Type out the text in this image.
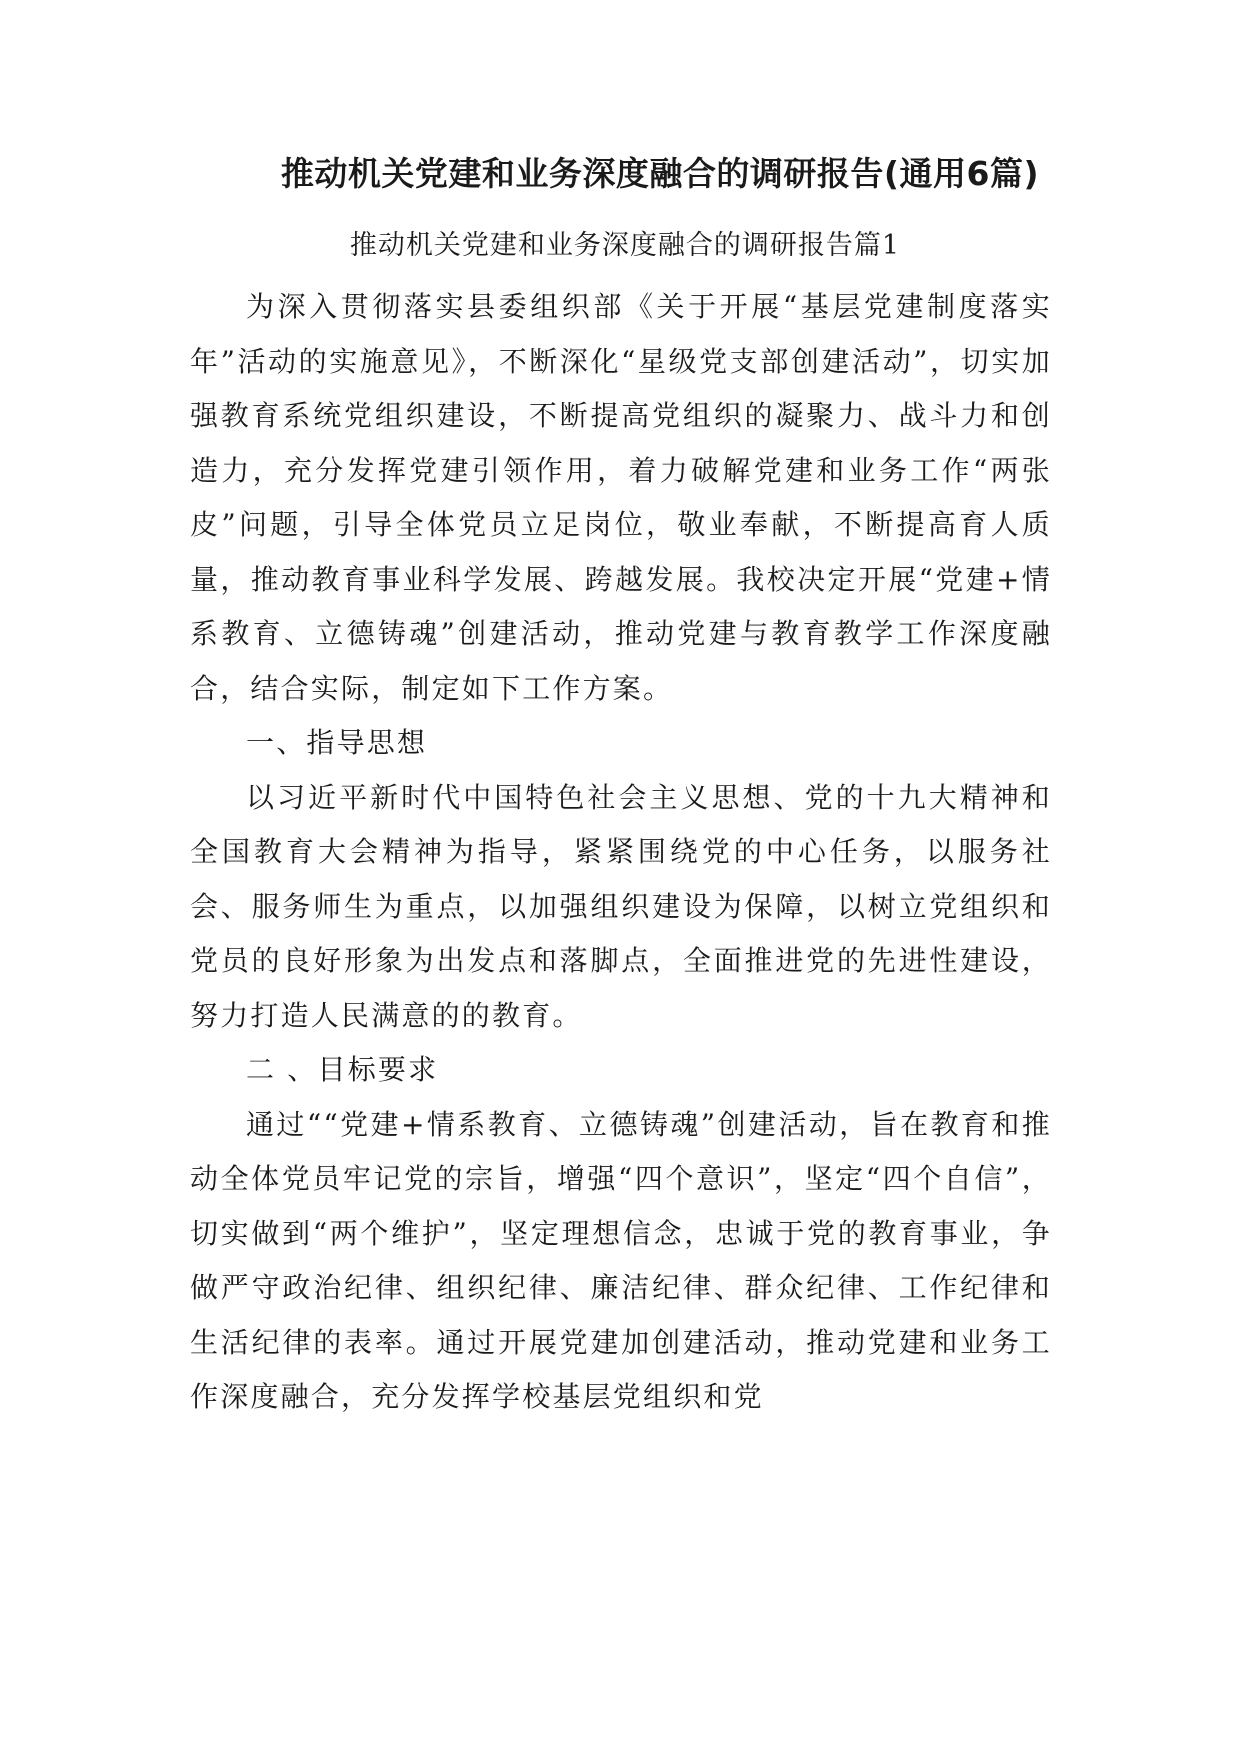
推动机关党建和业务深度融合的调研报告(通用6篇)
推动机关党建和业务深度融合的调研报告篇1

为深入贯彻落实县委组织部《关于开展“基层党建制度落实年”活动的实施意见》，不断深化“星级党支部创建活动”，切实加强教育系统党组织建设，不断提高党组织的凝聚力、战斗力和创造力，充分发挥党建引领作用，着力破解党建和业务工作“两张皮”问题，引导全体党员立足岗位，敬业奉献，不断提高育人质量，推动教育事业科学发展、跨越发展。我校决定开展“党建+情系教育、立德铸魂”创建活动，推动党建与教育教学工作深度融合，结合实际，制定如下工作方案。

一、指导思想

以习近平新时代中国特色社会主义思想、党的十九大精神和全国教育大会精神为指导，紧紧围绕党的中心任务，以服务社会、服务师生为重点，以加强组织建设为保障，以树立党组织和党员的良好形象为出发点和落脚点，全面推进党的先进性建设，努力打造人民满意的的教育。

二 、目标要求

通过““党建+情系教育、立德铸魂”创建活动，旨在教育和推动全体党员牢记党的宗旨，增强“四个意识”，坚定“四个自信”，切实做到“两个维护”，坚定理想信念，忠诚于党的教育事业，争做严守政治纪律、组织纪律、廉洁纪律、群众纪律、工作纪律和生活纪律的表率。通过开展党建加创建活动，推动党建和业务工作深度融合，充分发挥学校基层党组织和党
